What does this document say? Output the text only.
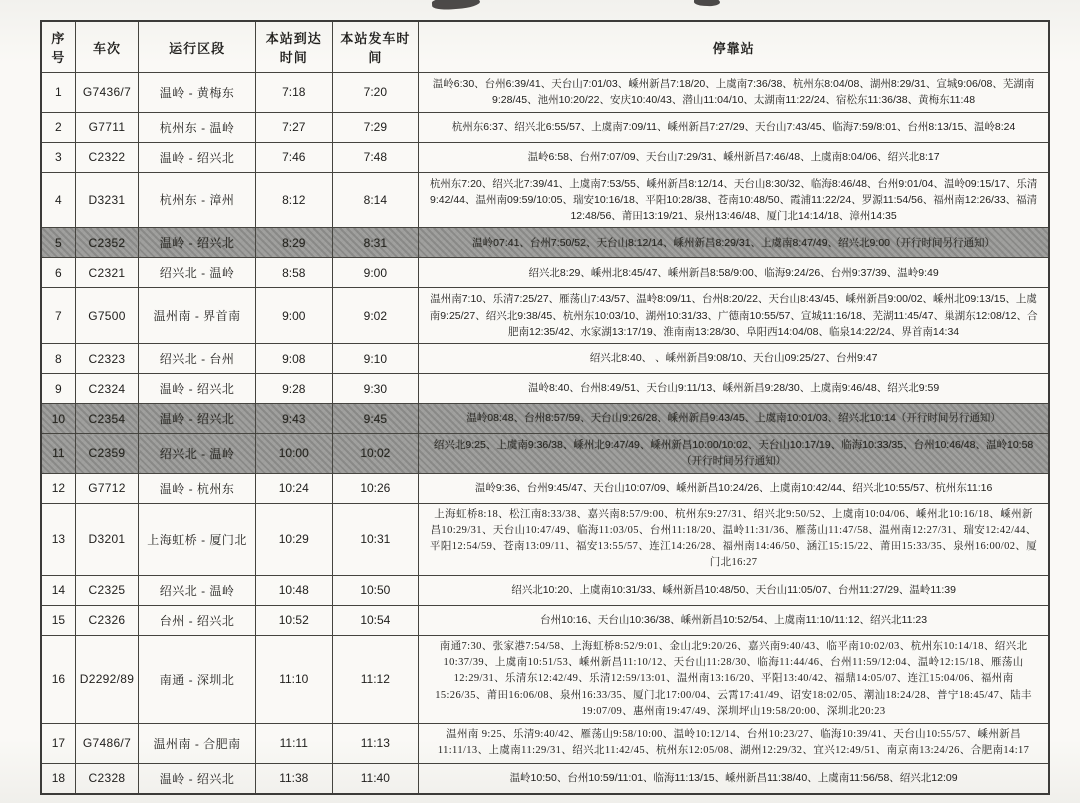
序号	车次	运行区段	本站到达时间	本站发车时间	停靠站
1	G7436/7	温岭 - 黄梅东	7:18	7:20	温岭6:30、台州6:39/41、天台山7:01/03、嵊州新昌7:18/20、上虞南7:36/38、杭州东8:04/08、湖州8:29/31、宣城9:06/08、芜湖南9:28/45、池州10:20/22、安庆10:40/43、潜山11:04/10、太湖南11:22/24、宿松东11:36/38、黄梅东11:48
2	G7711	杭州东 - 温岭	7:27	7:29	杭州东6:37、绍兴北6:55/57、上虞南7:09/11、嵊州新昌7:27/29、天台山7:43/45、临海7:59/8:01、台州8:13/15、温岭8:24
3	C2322	温岭 - 绍兴北	7:46	7:48	温岭6:58、台州7:07/09、天台山7:29/31、嵊州新昌7:46/48、上虞南8:04/06、绍兴北8:17
4	D3231	杭州东 - 漳州	8:12	8:14	杭州东7:20、绍兴北7:39/41、上虞南7:53/55、嵊州新昌8:12/14、天台山8:30/32、临海8:46/48、台州9:01/04、温岭09:15/17、乐清9:42/44、温州南09:59/10:05、瑞安10:16/18、平阳10:28/38、苍南10:48/50、霞浦11:22/24、罗源11:54/56、福州南12:26/33、福清12:48/56、莆田13:19/21、泉州13:46/48、厦门北14:14/18、漳州14:35
5	C2352	温岭 - 绍兴北	8:29	8:31	温岭07:41、台州7:50/52、天台山8:12/14、嵊州新昌8:29/31、上虞南8:47/49、绍兴北9:00（开行时间另行通知）
6	C2321	绍兴北 - 温岭	8:58	9:00	绍兴北8:29、嵊州北8:45/47、嵊州新昌8:58/9:00、临海9:24/26、台州9:37/39、温岭9:49
7	G7500	温州南 - 界首南	9:00	9:02	温州南7:10、乐清7:25/27、雁荡山7:43/57、温岭8:09/11、台州8:20/22、天台山8:43/45、嵊州新昌9:00/02、嵊州北09:13/15、上虞南9:25/27、绍兴北9:38/45、杭州东10:03/10、湖州10:31/33、广德南10:55/57、宣城11:16/18、芜湖11:45/47、巢湖东12:08/12、合肥南12:35/42、水家湖13:17/19、淮南南13:28/30、阜阳西14:04/08、临泉14:22/24、界首南14:34
8	C2323	绍兴北 - 台州	9:08	9:10	绍兴北8:40、 、嵊州新昌9:08/10、天台山09:25/27、台州9:47
9	C2324	温岭 - 绍兴北	9:28	9:30	温岭8:40、台州8:49/51、天台山9:11/13、嵊州新昌9:28/30、上虞南9:46/48、绍兴北9:59
10	C2354	温岭 - 绍兴北	9:43	9:45	温岭08:48、台州8:57/59、天台山9:26/28、嵊州新昌9:43/45、上虞南10:01/03、绍兴北10:14（开行时间另行通知）
11	C2359	绍兴北 - 温岭	10:00	10:02	绍兴北9:25、上虞南9:36/38、嵊州北9:47/49、嵊州新昌10:00/10:02、天台山10:17/19、临海10:33/35、台州10:46/48、温岭10:58（开行时间另行通知）
12	G7712	温岭 - 杭州东	10:24	10:26	温岭9:36、台州9:45/47、天台山10:07/09、嵊州新昌10:24/26、上虞南10:42/44、绍兴北10:55/57、杭州东11:16
13	D3201	上海虹桥 - 厦门北	10:29	10:31	上海虹桥8:18、松江南8:33/38、嘉兴南8:57/9:00、杭州东9:27/31、绍兴北9:50/52、上虞南10:04/06、嵊州北10:16/18、嵊州新昌10:29/31、天台山10:47/49、临海11:03/05、台州11:18/20、温岭11:31/36、雁荡山11:47/58、温州南12:27/31、瑞安12:42/44、平阳12:54/59、苍南13:09/11、福安13:55/57、连江14:26/28、福州南14:46/50、涵江15:15/22、莆田15:33/35、泉州16:00/02、厦门北16:27
14	C2325	绍兴北 - 温岭	10:48	10:50	绍兴北10:20、上虞南10:31/33、嵊州新昌10:48/50、天台山11:05/07、台州11:27/29、温岭11:39
15	C2326	台州 - 绍兴北	10:52	10:54	台州10:16、天台山10:36/38、嵊州新昌10:52/54、上虞南11:10/11:12、绍兴北11:23
16	D2292/89	南通 - 深圳北	11:10	11:12	南通7:30、张家港7:54/58、上海虹桥8:52/9:01、金山北9:20/26、嘉兴南9:40/43、临平南10:02/03、杭州东10:14/18、绍兴北10:37/39、上虞南10:51/53、嵊州新昌11:10/12、天台山11:28/30、临海11:44/46、台州11:59/12:04、温岭12:15/18、雁荡山12:29/31、乐清东12:42/49、乐清12:59/13:01、温州南13:16/20、平阳13:40/42、福鼎14:05/07、连江15:04/06、福州南15:26/35、莆田16:06/08、泉州16:33/35、厦门北17:00/04、云霄17:41/49、诏安18:02/05、潮汕18:24/28、普宁18:45/47、陆丰19:07/09、惠州南19:47/49、深圳坪山19:58/20:00、深圳北20:23
17	G7486/7	温州南 - 合肥南	11:11	11:13	温州南 9:25、乐清9:40/42、雁荡山9:58/10:00、温岭10:12/14、台州10:23/27、临海10:39/41、天台山10:55/57、嵊州新昌11:11/13、上虞南11:29/31、绍兴北11:42/45、杭州东12:05/08、湖州12:29/32、宜兴12:49/51、南京南13:24/26、合肥南14:17
18	C2328	温岭 - 绍兴北	11:38	11:40	温岭10:50、台州10:59/11:01、临海11:13/15、嵊州新昌11:38/40、上虞南11:56/58、绍兴北12:09
